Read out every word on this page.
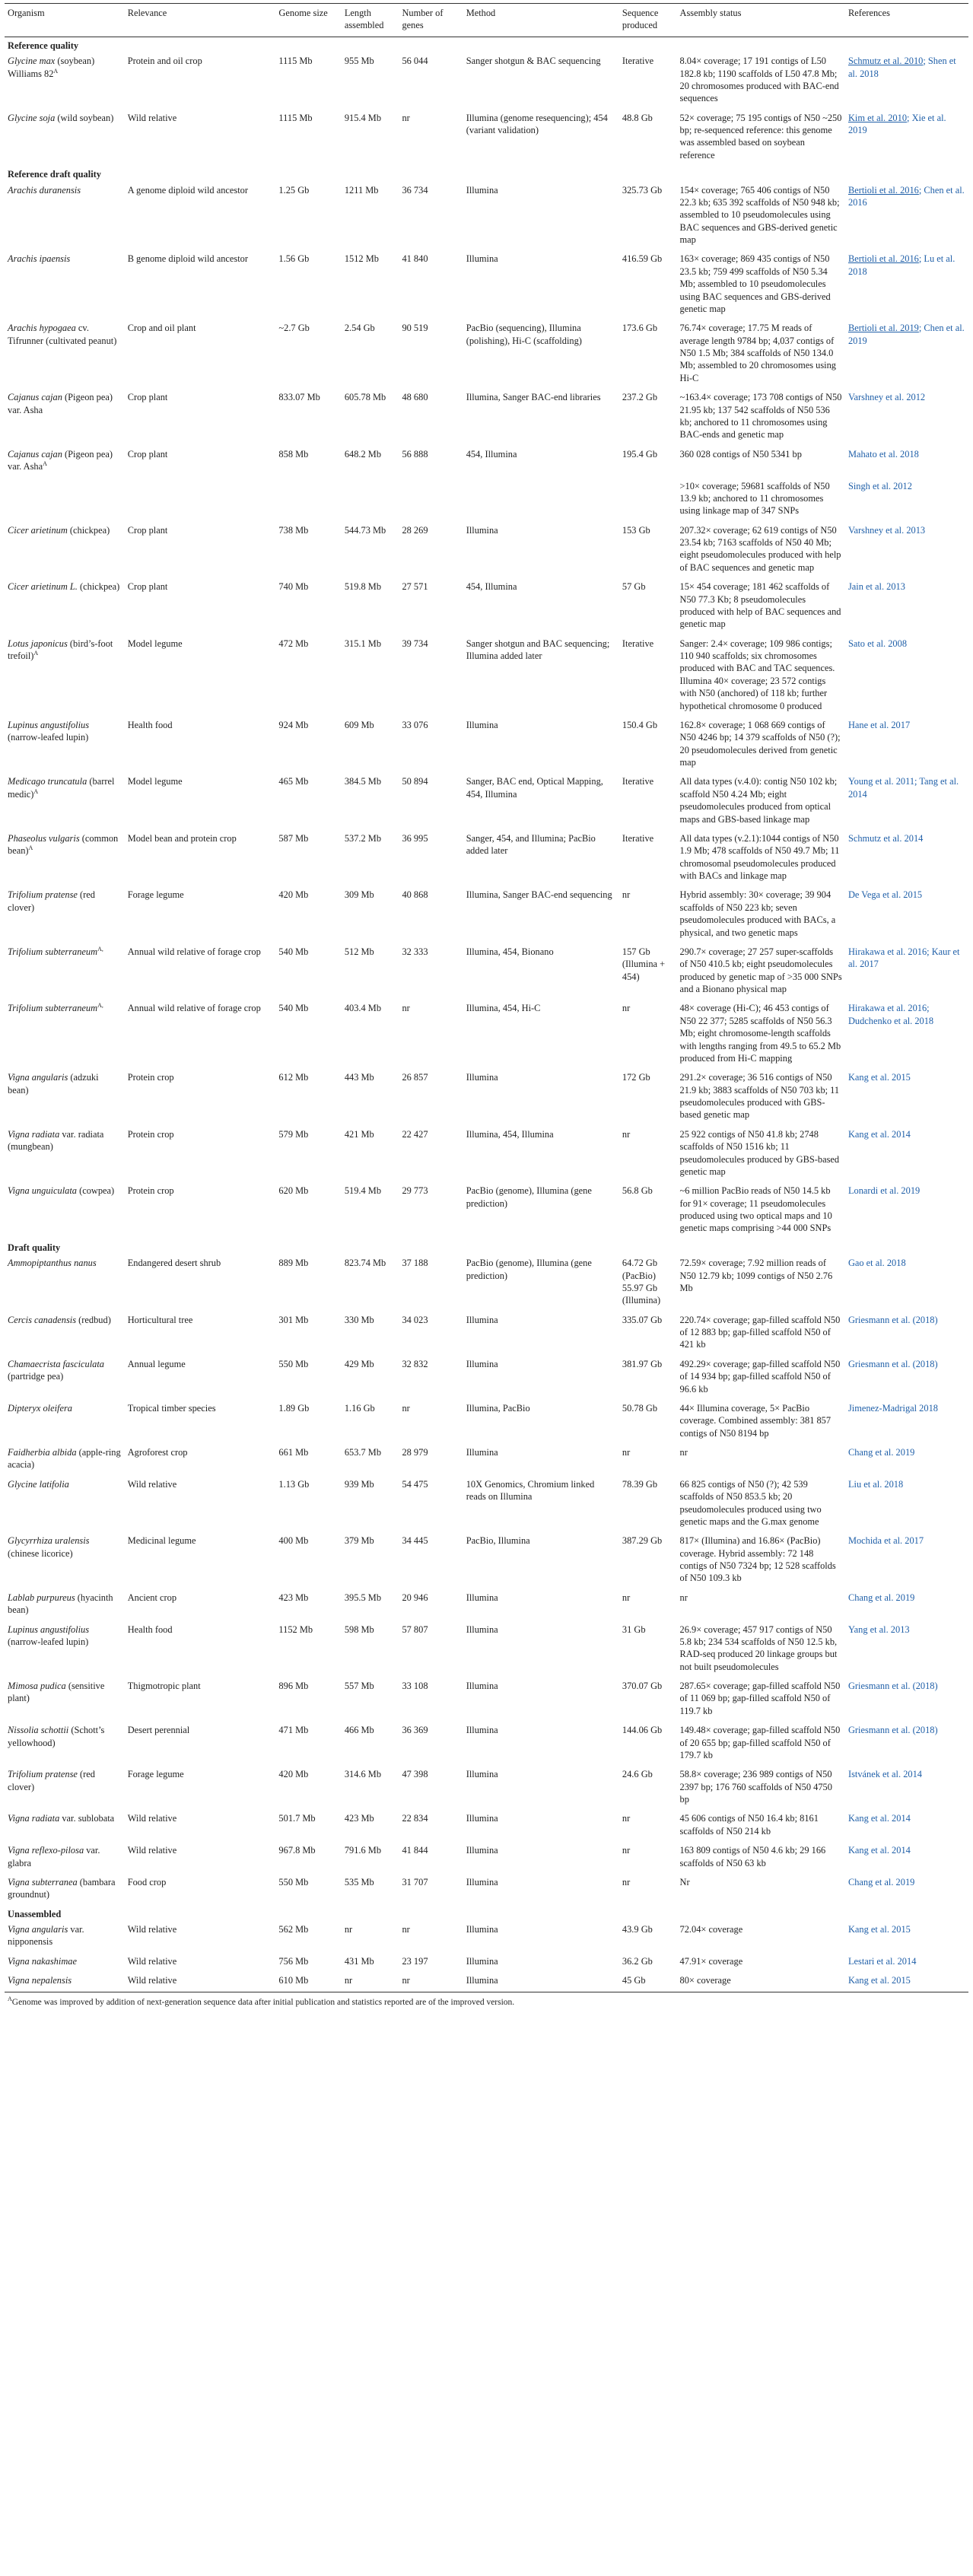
Organism	Relevance	Genome size	Length assembled	Number of genes	Method	Sequence produced	Assembly status	References
Reference quality								
Glycine max (soybean) Williams $82^A$	Protein and oil crop	1115 Mb	955 Mb	56 044	Sanger shotgun & BAC sequencing	Iterative	8.04× coverage; 17 191 contigs of L50 182.8 kb; 1190 scaffolds of L50 47.8 Mb; 20 chromosomes produced with BAC-end sequences	Schmutz et al. 2010; Shen et al. 2018
Glycine soja (wild soybean)	Wild relative	1115 Mb	915.4 Mb	nr	Illumina (genome resequencing); 454 (variant validation)	48.8 Gb	52× coverage; 75 195 contigs of N50 ~250 bp; re-sequenced reference: this genome was assembled based on soybean reference	Kim et al. 2010; Xie et al. 2019
Reference draft quality								
Arachis duranensis	A genome diploid wild ancestor	1.25 Gb	1211 Mb	36 734	Illumina	325.73 Gb	154× coverage; 765 406 contigs of N50 22.3 kb; 635 392 scaffolds of N50 948 kb; assembled to 10 pseudomolecules using BAC sequences and GBS-derived genetic map	Bertioli et al. 2016; Chen et al. 2016
Arachis ipaensis	B genome diploid wild ancestor	1.56 Gb	1512 Mb	41 840	Illumina	416.59 Gb	163× coverage; 869 435 contigs of N50 23.5 kb; 759 499 scaffolds of N50 5.34 Mb; assembled to 10 pseudomolecules using BAC sequences and GBS-derived genetic map	Bertioli et al. 2016; Lu et al. 2018
Arachis hypogaea cv. Tifrunner (cultivated peanut)	Crop and oil plant	~2.7 Gb	2.54 Gb	90 519	PacBio (sequencing), Illumina (polishing), Hi-C (scaffolding)	173.6 Gb	76.74× coverage; 17.75 M reads of average length 9784 bp; 4,037 contigs of N50 1.5 Mb; 384 scaffolds of N50 134.0 Mb; assembled to 20 chromosomes using Hi-C	Bertioli et al. 2019; Chen et al. 2019
Cajanus cajan (Pigeon pea) var. Asha	Crop plant	833.07 Mb	605.78 Mb	48 680	Illumina, Sanger BAC-end libraries	237.2 Gb	~163.4× coverage; 173 708 contigs of N50 21.95 kb; 137 542 scaffolds of N50 536 kb; anchored to 11 chromosomes using BAC-ends and genetic map	Varshney et al. 2012
Cajanus cajan (Pigeon pea) var. Asha$^A$	Crop plant	858 Mb	648.2 Mb	56 888	454, Illumina	195.4 Gb	360 028 contigs of N50 5341 bp	Mahato et al. 2018
							>10× coverage; 59681 scaffolds of N50 13.9 kb; anchored to 11 chromosomes using linkage map of 347 SNPs	Singh et al. 2012
Cicer arietinum (chickpea)	Crop plant	738 Mb	544.73 Mb	28 269	Illumina	153 Gb	207.32× coverage; 62 619 contigs of N50 23.54 kb; 7163 scaffolds of N50 40 Mb; eight pseudomolecules produced with help of BAC sequences and genetic map	Varshney et al. 2013
Cicer arietinum L. (chickpea)	Crop plant	740 Mb	519.8 Mb	27 571	454, Illumina	57 Gb	15× 454 coverage; 181 462 scaffolds of N50 77.3 Kb; 8 pseudomolecules produced with help of BAC sequences and genetic map	Jain et al. 2013
Lotus japonicus (bird’s-foot trefoil)$^A$	Model legume	472 Mb	315.1 Mb	39 734	Sanger shotgun and BAC sequencing; Illumina added later	Iterative	Sanger: 2.4× coverage; 109 986 contigs; 110 940 scaffolds; six chromosomes produced with BAC and TAC sequences. Illumina 40× coverage; 23 572 contigs with N50 (anchored) of 118 kb; further hypothetical chromosome 0 produced	Sato et al. 2008
Lupinus angustifolius (narrow-leafed lupin)	Health food	924 Mb	609 Mb	33 076	Illumina	150.4 Gb	162.8× coverage; 1 068 669 contigs of N50 4246 bp; 14 379 scaffolds of N50 (?); 20 pseudomolecules derived from genetic map	Hane et al. 2017
Medicago truncatula (barrel medic)$^A$	Model legume	465 Mb	384.5 Mb	50 894	Sanger, BAC end, Optical Mapping, 454, Illumina	Iterative	All data types (v.4.0): contig N50 102 kb; scaffold N50 4.24 Mb; eight pseudomolecules produced from optical maps and GBS-based linkage map	Young et al. 2011; Tang et al. 2014
Phaseolus vulgaris (common bean)$^A$	Model bean and protein crop	587 Mb	537.2 Mb	36 995	Sanger, 454, and Illumina; PacBio added later	Iterative	All data types (v.2.1):1044 contigs of N50 1.9 Mb; 478 scaffolds of N50 49.7 Mb; 11 chromosomal pseudomolecules produced with BACs and linkage map	Schmutz et al. 2014
Trifolium pratense (red clover)	Forage legume	420 Mb	309 Mb	40 868	Illumina, Sanger BAC-end sequencing	nr	Hybrid assembly: 30× coverage; 39 904 scaffolds of N50 223 kb; seven pseudomolecules produced with BACs, a physical, and two genetic maps	De Vega et al. 2015
Trifolium subterraneum$^{A,}$	Annual wild relative of forage crop	540 Mb	512 Mb	32 333	Illumina, 454, Bionano	157 Gb (Illumina + 454)	290.7× coverage; 27 257 super-scaffolds of N50 410.5 kb; eight pseudomolecules produced by genetic map of >35 000 SNPs and a Bionano physical map	Hirakawa et al. 2016; Kaur et al. 2017
Trifolium subterraneum$^{A,}$	Annual wild relative of forage crop	540 Mb	403.4 Mb	nr	Illumina, 454, Hi-C	nr	48× coverage (Hi-C); 46 453 contigs of N50 22 377; 5285 scaffolds of N50 56.3 Mb; eight chromosome-length scaffolds with lengths ranging from 49.5 to 65.2 Mb produced from Hi-C mapping	Hirakawa et al. 2016; Dudchenko et al. 2018
Vigna angularis (adzuki bean)	Protein crop	612 Mb	443 Mb	26 857	Illumina	172 Gb	291.2× coverage; 36 516 contigs of N50 21.9 kb; 3883 scaffolds of N50 703 kb; 11 pseudomolecules produced with GBS-based genetic map	Kang et al. 2015
Vigna radiata var. radiata (mungbean)	Protein crop	579 Mb	421 Mb	22 427	Illumina, 454, Illumina	nr	25 922 contigs of N50 41.8 kb; 2748 scaffolds of N50 1516 kb; 11 pseudomolecules produced by GBS-based genetic map	Kang et al. 2014
Vigna unguiculata (cowpea)	Protein crop	620 Mb	519.4 Mb	29 773	PacBio (genome), Illumina (gene prediction)	56.8 Gb	~6 million PacBio reads of N50 14.5 kb for 91× coverage; 11 pseudomolecules produced using two optical maps and 10 genetic maps comprising >44 000 SNPs	Lonardi et al. 2019
Draft quality								
Ammopiptanthus nanus	Endangered desert shrub	889 Mb	823.74 Mb	37 188	PacBio (genome), Illumina (gene prediction)	64.72 Gb (PacBio) 55.97 Gb (Illumina)	72.59× coverage; 7.92 million reads of N50 12.79 kb; 1099 contigs of N50 2.76 Mb	Gao et al. 2018
Cercis canadensis (redbud)	Horticultural tree	301 Mb	330 Mb	34 023	Illumina	335.07 Gb	220.74× coverage; gap-filled scaffold N50 of 12 883 bp; gap-filled scaffold N50 of 421 kb	Griesmann et al. (2018)
Chamaecrista fasciculata (partridge pea)	Annual legume	550 Mb	429 Mb	32 832	Illumina	381.97 Gb	492.29× coverage; gap-filled scaffold N50 of 14 934 bp; gap-filled scaffold N50 of 96.6 kb	Griesmann et al. (2018)
Dipteryx oleifera	Tropical timber species	1.89 Gb	1.16 Gb	nr	Illumina, PacBio	50.78 Gb	44× Illumina coverage, 5× PacBio coverage. Combined assembly: 381 857 contigs of N50 8194 bp	Jimenez-Madrigal 2018
Faidherbia albida (apple-ring acacia)	Agroforest crop	661 Mb	653.7 Mb	28 979	Illumina	nr	nr	Chang et al. 2019
Glycine latifolia	Wild relative	1.13 Gb	939 Mb	54 475	10X Genomics, Chromium linked reads on Illumina	78.39 Gb	66 825 contigs of N50 (?); 42 539 scaffolds of N50 853.5 kb; 20 pseudomolecules produced using two genetic maps and the G.max genome	Liu et al. 2018
Glycyrrhiza uralensis (chinese licorice)	Medicinal legume	400 Mb	379 Mb	34 445	PacBio, Illumina	387.29 Gb	817× (Illumina) and 16.86× (PacBio) coverage. Hybrid assembly: 72 148 contigs of N50 7324 bp; 12 528 scaffolds of N50 109.3 kb	Mochida et al. 2017
Lablab purpureus (hyacinth bean)	Ancient crop	423 Mb	395.5 Mb	20 946	Illumina	nr	nr	Chang et al. 2019
Lupinus angustifolius (narrow-leafed lupin)	Health food	1152 Mb	598 Mb	57 807	Illumina	31 Gb	26.9× coverage; 457 917 contigs of N50 5.8 kb; 234 534 scaffolds of N50 12.5 kb, RAD-seq produced 20 linkage groups but not built pseudomolecules	Yang et al. 2013
Mimosa pudica (sensitive plant)	Thigmotropic plant	896 Mb	557 Mb	33 108	Illumina	370.07 Gb	287.65× coverage; gap-filled scaffold N50 of 11 069 bp; gap-filled scaffold N50 of 119.7 kb	Griesmann et al. (2018)
Nissolia schottii (Schott’s yellowhood)	Desert perennial	471 Mb	466 Mb	36 369	Illumina	144.06 Gb	149.48× coverage; gap-filled scaffold N50 of 20 655 bp; gap-filled scaffold N50 of 179.7 kb	Griesmann et al. (2018)
Trifolium pratense (red clover)	Forage legume	420 Mb	314.6 Mb	47 398	Illumina	24.6 Gb	58.8× coverage; 236 989 contigs of N50 2397 bp; 176 760 scaffolds of N50 4750 bp	Istvánek et al. 2014
Vigna radiata var. sublobata	Wild relative	501.7 Mb	423 Mb	22 834	Illumina	nr	45 606 contigs of N50 16.4 kb; 8161 scaffolds of N50 214 kb	Kang et al. 2014
Vigna reflexo-pilosa var. glabra	Wild relative	967.8 Mb	791.6 Mb	41 844	Illumina	nr	163 809 contigs of N50 4.6 kb; 29 166 scaffolds of N50 63 kb	Kang et al. 2014
Vigna subterranea (bambara groundnut)	Food crop	550 Mb	535 Mb	31 707	Illumina	nr	Nr	Chang et al. 2019
Unassembled								
Vigna angularis var. nipponensis	Wild relative	562 Mb	nr	nr	Illumina	43.9 Gb	72.04× coverage	Kang et al. 2015
Vigna nakashimae	Wild relative	756 Mb	431 Mb	23 197	Illumina	36.2 Gb	47.91× coverage	Lestari et al. 2014
Vigna nepalensis	Wild relative	610 Mb	nr	nr	Illumina	45 Gb	80× coverage	Kang et al. 2015
$^A$Genome was improved by addition of next-generation sequence data after initial publication and statistics reported are of the improved version.
